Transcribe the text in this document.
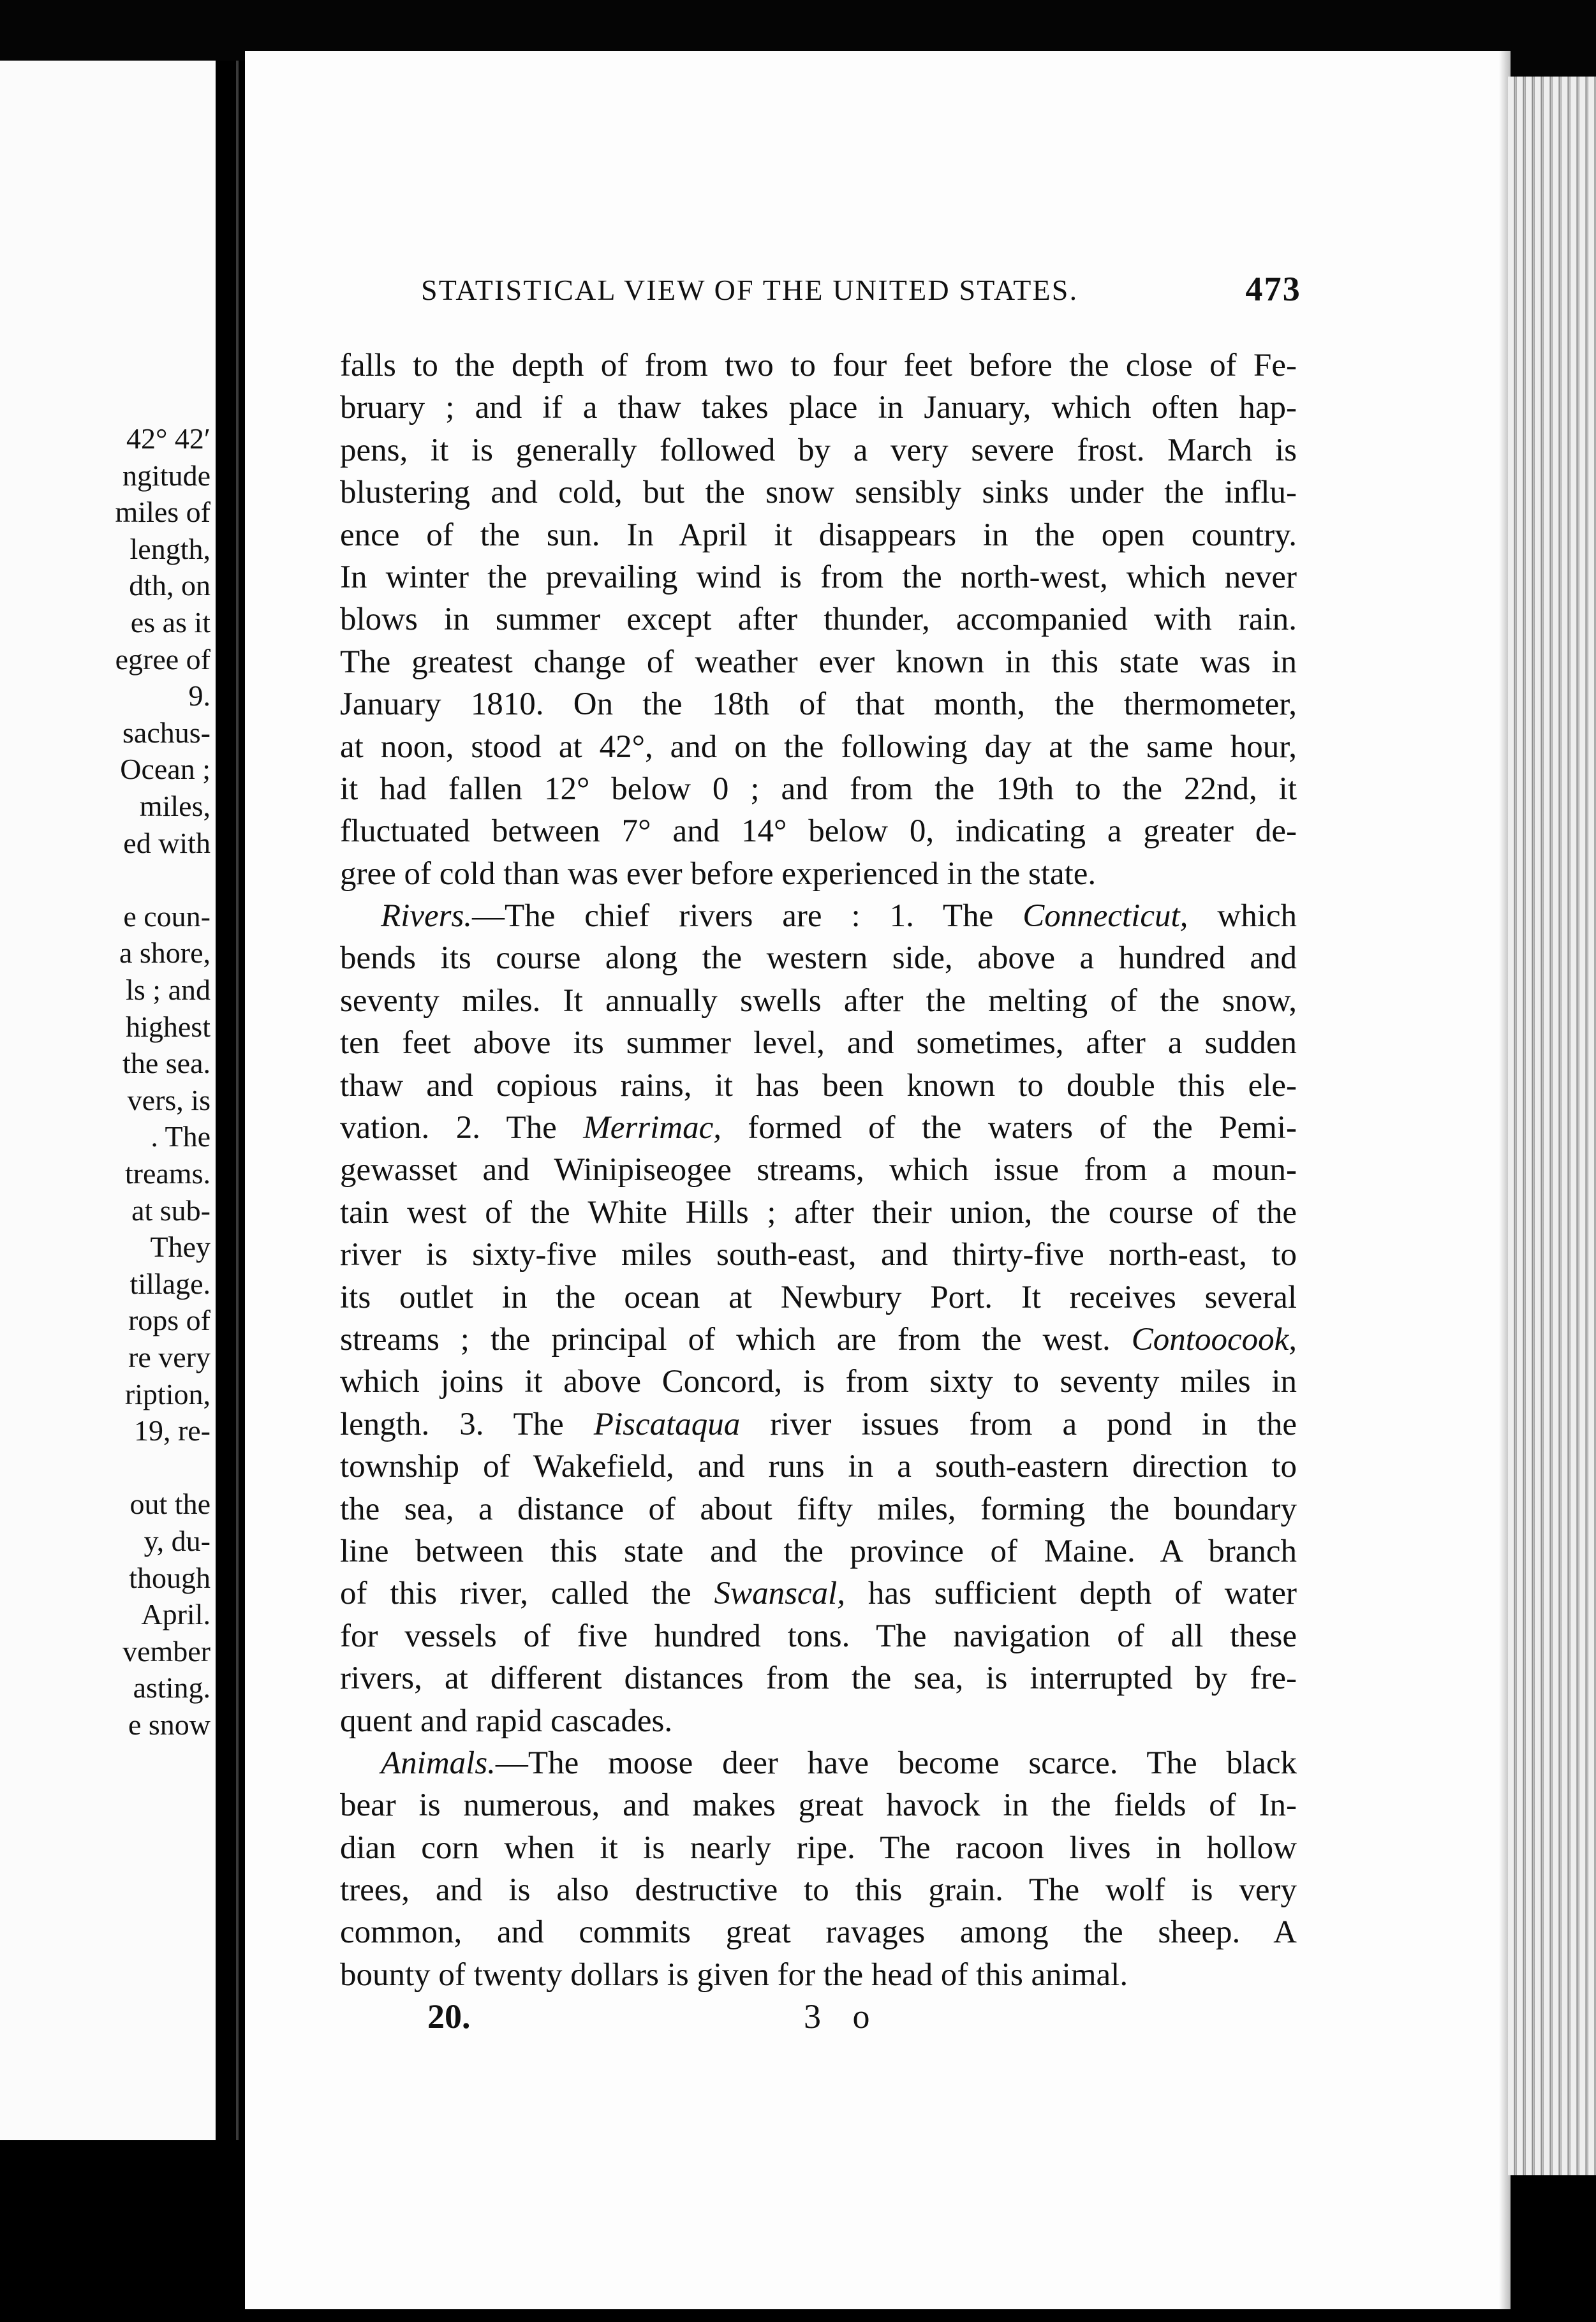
42° 42′

ngitude

miles of

length,

dth, on

es as it

egree of

9.

sachus-

Ocean ;

miles,

ed with

e coun-

a shore,

ls ; and

highest

the sea.

vers, is

. The

treams.

at sub-

They

tillage.

rops of

re very

ription,

19, re-

out the

y, du-

though

April.

vember

asting.

e snow

STATISTICAL VIEW OF THE UNITED STATES.	473

falls to the depth of from two to four feet before the close of Fe-

bruary ; and if a thaw takes place in January, which often hap-

pens, it is generally followed by a very severe frost. March is

blustering and cold, but the snow sensibly sinks under the influ-

ence of the sun. In April it disappears in the open country.

In winter the prevailing wind is from the north-west, which never

blows in summer except after thunder, accompanied with rain.

The greatest change of weather ever known in this state was in

January 1810. On the 18th of that month, the thermometer,

at noon, stood at 42°, and on the following day at the same hour,

it had fallen 12° below 0 ; and from the 19th to the 22nd, it

fluctuated between 7° and 14° below 0, indicating a greater de-

gree of cold than was ever before experienced in the state.

Rivers.—The chief rivers are : 1. The Connecticut, which

bends its course along the western side, above a hundred and

seventy miles. It annually swells after the melting of the snow,

ten feet above its summer level, and sometimes, after a sudden

thaw and copious rains, it has been known to double this ele-

vation. 2. The Merrimac, formed of the waters of the Pemi-

gewasset and Winipiseogee streams, which issue from a moun-

tain west of the White Hills ; after their union, the course of the

river is sixty-five miles south-east, and thirty-five north-east, to

its outlet in the ocean at Newbury Port. It receives several

streams ; the principal of which are from the west. Contoocook,

which joins it above Concord, is from sixty to seventy miles in

length. 3. The Piscataqua river issues from a pond in the

township of Wakefield, and runs in a south-eastern direction to

the sea, a distance of about fifty miles, forming the boundary

line between this state and the province of Maine. A branch

of this river, called the Swanscal, has sufficient depth of water

for vessels of five hundred tons. The navigation of all these

rivers, at different distances from the sea, is interrupted by fre-

quent and rapid cascades.

Animals.—The moose deer have become scarce. The black

bear is numerous, and makes great havock in the fields of In-

dian corn when it is nearly ripe. The racoon lives in hollow

trees, and is also destructive to this grain. The wolf is very

common, and commits great ravages among the sheep. A

bounty of twenty dollars is given for the head of this animal.

20.	3 o
